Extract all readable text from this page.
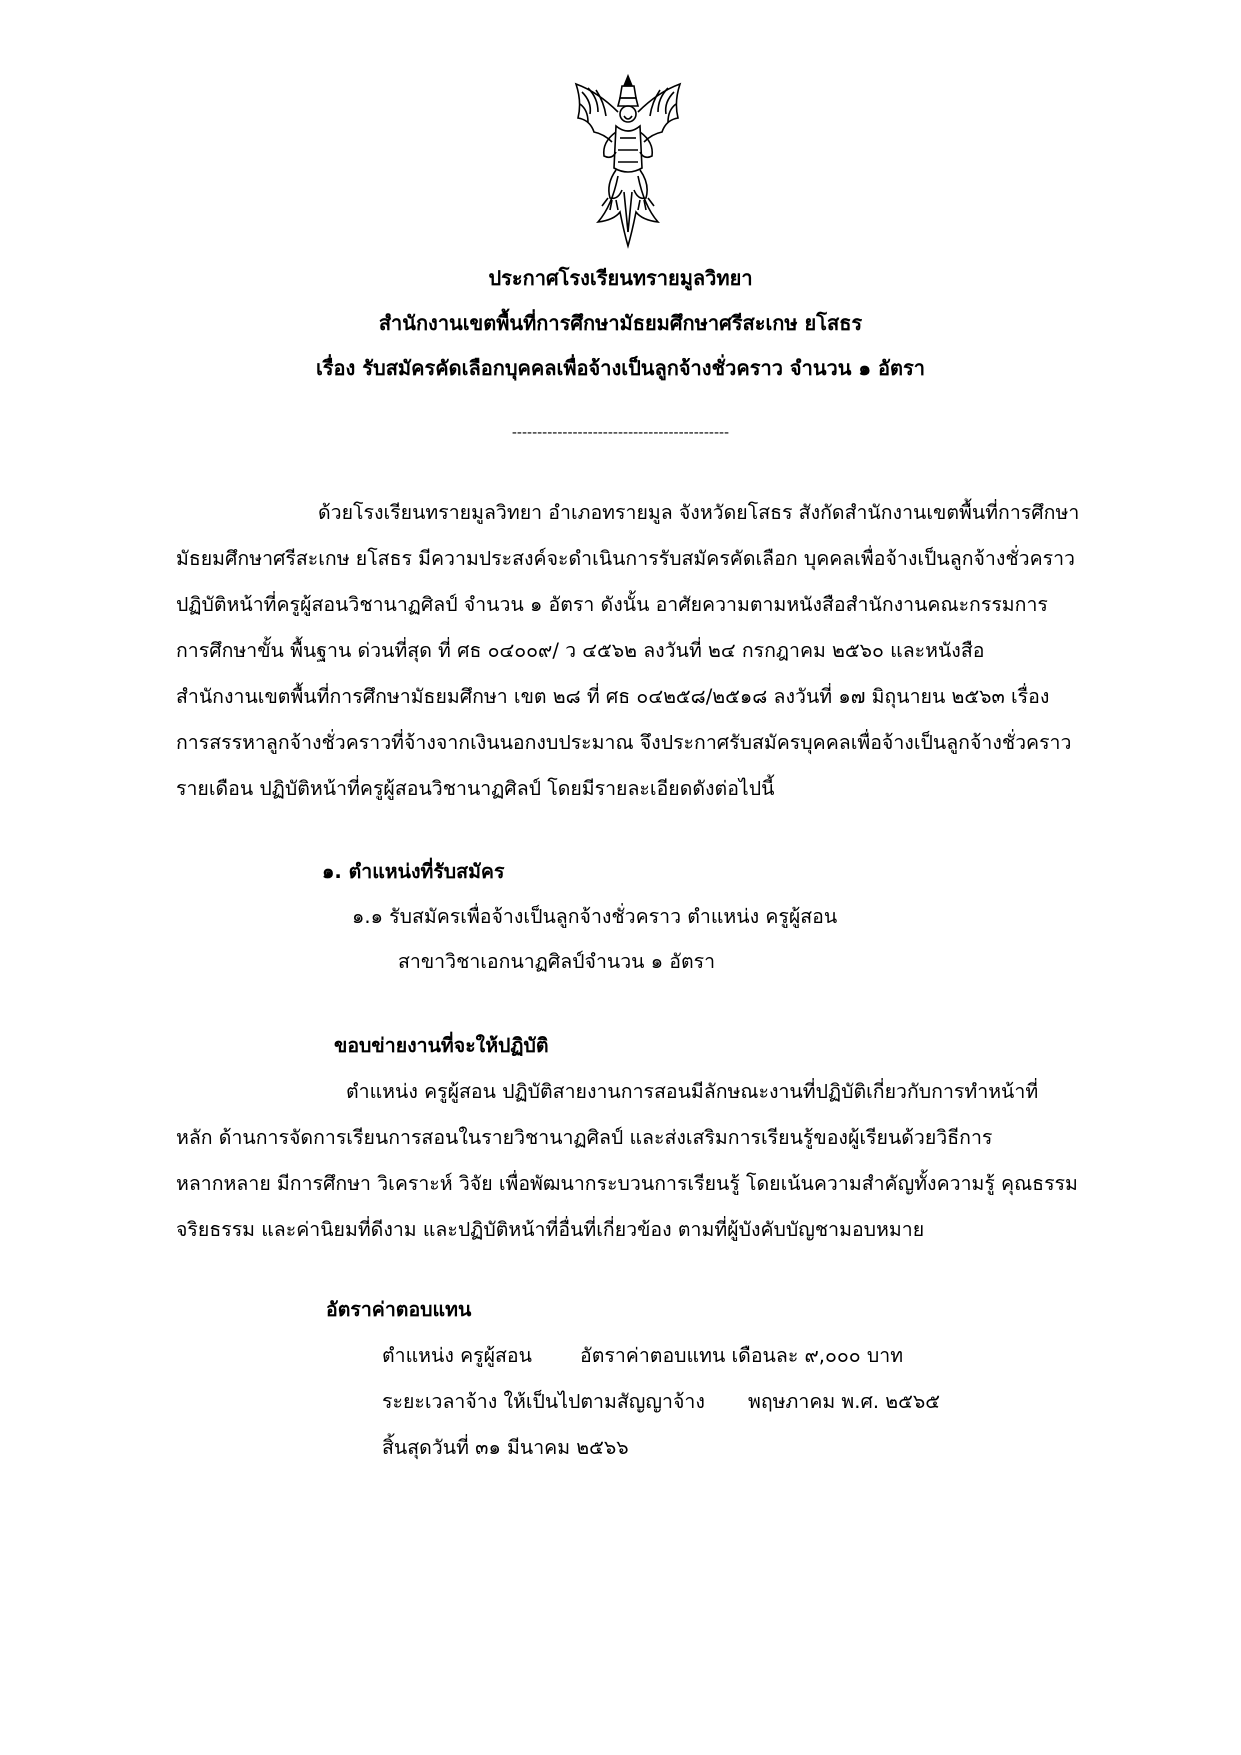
ประกาศโรงเรียนทรายมูลวิทยา
สำนักงานเขตพื้นที่การศึกษามัธยมศึกษาศรีสะเกษ ยโสธร
เรื่อง รับสมัครคัดเลือกบุคคลเพื่อจ้างเป็นลูกจ้างชั่วคราว จำนวน ๑ อัตรา
-------------------------------------------
ด้วยโรงเรียนทรายมูลวิทยา อำเภอทรายมูล จังหวัดยโสธร สังกัดสำนักงานเขตพื้นที่การศึกษา
มัธยมศึกษาศรีสะเกษ ยโสธร มีความประสงค์จะดำเนินการรับสมัครคัดเลือก บุคคลเพื่อจ้างเป็นลูกจ้างชั่วคราว
ปฏิบัติหน้าที่ครูผู้สอนวิชานาฏศิลป์ จำนวน ๑ อัตรา ดังนั้น อาศัยความตามหนังสือสำนักงานคณะกรรมการ
การศึกษาขั้น พื้นฐาน ด่วนที่สุด ที่ ศธ ๐๔๐๐๙/ ว ๔๕๖๒ ลงวันที่ ๒๔ กรกฎาคม ๒๕๖๐ และหนังสือ
สำนักงานเขตพื้นที่การศึกษามัธยมศึกษา เขต ๒๘ ที่ ศธ ๐๔๒๕๘/๒๕๑๘ ลงวันที่ ๑๗ มิถุนายน ๒๕๖๓ เรื่อง
การสรรหาลูกจ้างชั่วคราวที่จ้างจากเงินนอกงบประมาณ จึงประกาศรับสมัครบุคคลเพื่อจ้างเป็นลูกจ้างชั่วคราว
รายเดือน ปฏิบัติหน้าที่ครูผู้สอนวิชานาฏศิลป์ โดยมีรายละเอียดดังต่อไปนี้
๑. ตำแหน่งที่รับสมัคร
๑.๑ รับสมัครเพื่อจ้างเป็นลูกจ้างชั่วคราว ตำแหน่ง ครูผู้สอน
สาขาวิชาเอกนาฏศิลป์จำนวน ๑ อัตรา
ขอบข่ายงานที่จะให้ปฏิบัติ
ตำแหน่ง ครูผู้สอน ปฏิบัติสายงานการสอนมีลักษณะงานที่ปฏิบัติเกี่ยวกับการทำหน้าที่
หลัก ด้านการจัดการเรียนการสอนในรายวิชานาฏศิลป์ และส่งเสริมการเรียนรู้ของผู้เรียนด้วยวิธีการ
หลากหลาย มีการศึกษา วิเคราะห์ วิจัย เพื่อพัฒนากระบวนการเรียนรู้ โดยเน้นความสำคัญทั้งความรู้ คุณธรรม
จริยธรรม และค่านิยมที่ดีงาม และปฏิบัติหน้าที่อื่นที่เกี่ยวข้อง ตามที่ผู้บังคับบัญชามอบหมาย
อัตราค่าตอบแทน
ตำแหน่ง ครูผู้สอน อัตราค่าตอบแทน เดือนละ ๙,๐๐๐ บาท
ระยะเวลาจ้าง ให้เป็นไปตามสัญญาจ้าง พฤษภาคม พ.ศ. ๒๕๖๕
สิ้นสุดวันที่ ๓๑ มีนาคม ๒๕๖๖
